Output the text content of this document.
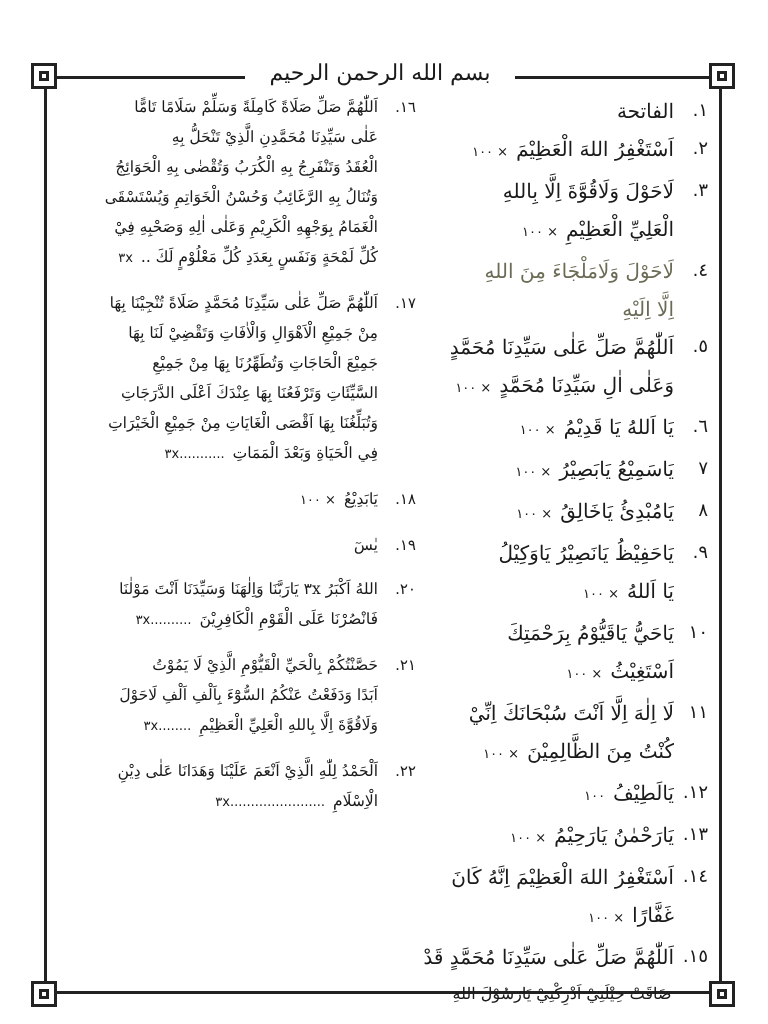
بسم الله الرحمن الرحيم
١.
الفاتحة
٢.
اَسْتَغْفِرُ اللهَ الْعَظِيْمَ١٠٠ ×
٣.
لَاحَوْلَ وَلَاقُوَّةَ اِلَّا بِاللهِ
الْعَلِيِّ الْعَظِيْمِ١٠٠ ×
٤.
لَاحَوْلَ وَلَامَلْجَاءَ مِنَ اللهِ
اِلَّا اِلَيْهِ
٥.
اَللّٰهُمَّ صَلِّ عَلٰى سَيِّدِنَا مُحَمَّدٍ
وَعَلٰى اٰلِ سَيِّدِنَا مُحَمَّدٍ١٠٠ ×
٦.
يَا اَللهُ يَا قَدِيْمُ١٠٠ ×
٧
يَاسَمِيْعُ يَابَصِيْرُ١٠٠ ×
٨
يَامُبْدِئُ يَاخَالِقُ١٠٠ ×
٩.
يَاحَفِيْظُ يَانَصِيْرُ يَاوَكِيْلُ
يَا اَللهُ١٠٠ ×
١٠
يَاحَيُّ يَاقَيُّوْمُ بِرَحْمَتِكَ
اَسْتَغِيْثُ١٠٠ ×
١١
لَا اِلٰهَ اِلَّا اَنْتَ سُبْحَانَكَ اِنِّيْ
كُنْتُ مِنَ الظَّالِمِيْنَ١٠٠ ×
١٢.
يَالَطِيْفُ١٠٠
١٣.
يَارَحْمٰنُ يَارَحِيْمُ١٠٠ ×
١٤.
اَسْتَغْفِرُ اللهَ الْعَظِيْمَ اِنَّهُ كَانَ
غَفَّارًا١٠٠ ×
١٥.
اَللّٰهُمَّ صَلِّ عَلٰى سَيِّدِنَا مُحَمَّدٍ قَدْ
ضَاقَتْ حِيْلَتِيْ اَدْرِكْنِيْ يَارَسُوْلَ اللهِ
١٦.
اَللّٰهُمَّ صَلِّ صَلَاةً كَامِلَةً وَسَلِّمْ سَلَامًا تَامًّا
عَلٰى سَيِّدِنَا مُحَمَّدِنِ الَّذِيْ تَنْحَلُّ بِهِ
الْعُقَدُ وَتَنْفَرِجُ بِهِ الْكُرَبُ وَتُقْضٰى بِهِ الْحَوَائِجُ
وَتُنَالُ بِهِ الرَّغَائِبُ وَحُسْنُ الْخَوَاتِمِ وَيُسْتَسْقَى
الْغَمَامُ بِوَجْهِهِ الْكَرِيْمِ وَعَلٰى اٰلِهِ وَصَحْبِهِ فِيْ
كُلِّ لَمْحَةٍ وَنَفَسٍ بِعَدَدِ كُلِّ مَعْلُوْمٍ لَكَ ..٣x
١٧.
اَللّٰهُمَّ صَلِّ عَلٰى سَيِّدِنَا مُحَمَّدٍ صَلَاةً تُنْجِيْنَا بِهَا
مِنْ جَمِيْعِ الْاَهْوَالِ وَالْاٰفَاتِ وَتَقْضِيْ لَنَا بِهَا
جَمِيْعَ الْحَاجَاتِ وَتُطَهِّرُنَا بِهَا مِنْ جَمِيْعِ
السَّيِّئَاتِ وَتَرْفَعُنَا بِهَا عِنْدَكَ اَعْلَى الدَّرَجَاتِ
وَتُبَلِّغُنَا بِهَا اَقْصَى الْغَايَاتِ مِنْ جَمِيْعِ الْخَيْرَاتِ
فِي الْحَيَاةِ وَبَعْدَ الْمَمَاتِ٣x...........
١٨.
يَابَدِيْعُ١٠٠ ×
١٩.
يٰسٓ
٢٠.
اللهُ اَكْبَرُ ٣x يَارَبَّنَا وَاِلٰهَنَا وَسَيِّدَنَا اَنْتَ مَوْلٰنَا
فَانْصُرْنَا عَلَى الْقَوْمِ الْكَافِرِيْنَ٣x..........
٢١.
حَصَّنْتُكُمْ بِالْحَيِّ الْقَيُّوْمِ الَّذِيْ لَا يَمُوْتُ
اَبَدًا وَدَفَعْتُ عَنْكُمُ السُّوْٓءَ بِاَلْفِ اَلْفِ لَاحَوْلَ
وَلَاقُوَّةَ اِلَّا بِاللهِ الْعَلِيِّ الْعَظِيْمِ٣x........
٢٢.
اَلْحَمْدُ لِلّٰهِ الَّذِيْ اَنْعَمَ عَلَيْنَا وَهَدَانَا عَلٰى دِيْنِ
الْاِسْلَامِ٣x.......................
